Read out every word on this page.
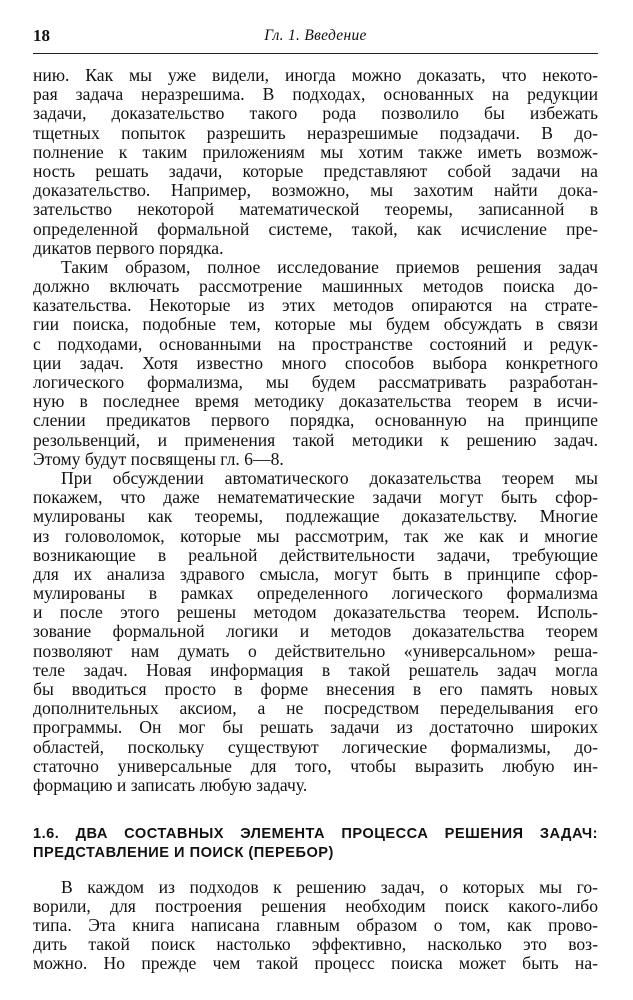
18	Гл. 1. Введение
нию. Как мы уже видели, иногда можно доказать, что некото-
рая задача неразрешима. В подходах, основанных на редукции
задачи, доказательство такого рода позволило бы избежать
тщетных попыток разрешить неразрешимые подзадачи. В до-
полнение к таким приложениям мы хотим также иметь возмож-
ность решать задачи, которые представляют собой задачи на
доказательство. Например, возможно, мы захотим найти дока-
зательство некоторой математической теоремы, записанной в
определенной формальной системе, такой, как исчисление пре-
дикатов первого порядка.
Таким образом, полное исследование приемов решения задач
должно включать рассмотрение машинных методов поиска до-
казательства. Некоторые из этих методов опираются на страте-
гии поиска, подобные тем, которые мы будем обсуждать в связи
с подходами, основанными на пространстве состояний и редук-
ции задач. Хотя известно много способов выбора конкретного
логического формализма, мы будем рассматривать разработан-
ную в последнее время методику доказательства теорем в исчи-
слении предикатов первого порядка, основанную на принципе
резольвенций, и применения такой методики к решению задач.
Этому будут посвящены гл. 6—8.
При обсуждении автоматического доказательства теорем мы
покажем, что даже нематематические задачи могут быть сфор-
мулированы как теоремы, подлежащие доказательству. Многие
из головоломок, которые мы рассмотрим, так же как и многие
возникающие в реальной действительности задачи, требующие
для их анализа здравого смысла, могут быть в принципе сфор-
мулированы в рамках определенного логического формализма
и после этого решены методом доказательства теорем. Исполь-
зование формальной логики и методов доказательства теорем
позволяют нам думать о действительно «универсальном» реша-
теле задач. Новая информация в такой решатель задач могла
бы вводиться просто в форме внесения в его память новых
дополнительных аксиом, а не посредством переделывания его
программы. Он мог бы решать задачи из достаточно широких
областей, поскольку существуют логические формализмы, до-
статочно универсальные для того, чтобы выразить любую ин-
формацию и записать любую задачу.
1.6. ДВА СОСТАВНЫХ ЭЛЕМЕНТА ПРОЦЕССА РЕШЕНИЯ ЗАДАЧ:
ПРЕДСТАВЛЕНИЕ И ПОИСК (ПЕРЕБОР)
В каждом из подходов к решению задач, о которых мы го-
ворили, для построения решения необходим поиск какого-либо
типа. Эта книга написана главным образом о том, как прово-
дить такой поиск настолько эффективно, насколько это воз-
можно. Но прежде чем такой процесс поиска может быть на-
